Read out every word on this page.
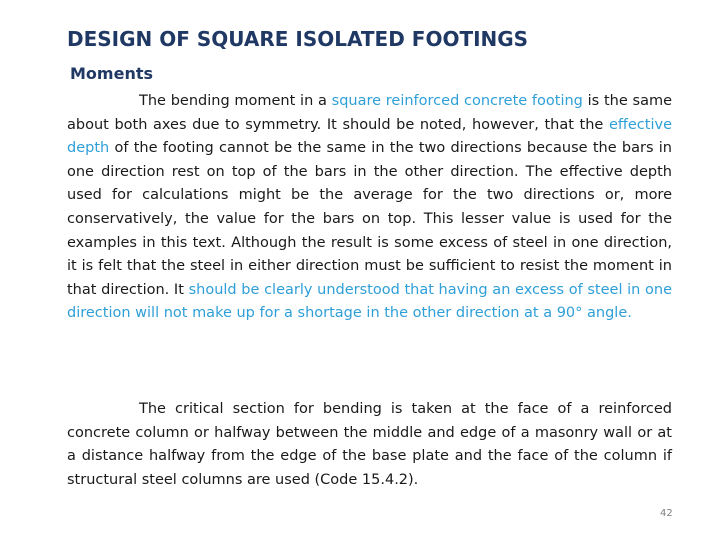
DESIGN OF SQUARE ISOLATED FOOTINGS
Moments

The bending moment in a square reinforced concrete footing is the same about both axes due to symmetry. It should be noted, however, that the effective depth of the footing cannot be the same in the two directions because the bars in one direction rest on top of the bars in the other direction. The effective depth used for calculations might be the average for the two directions or, more conservatively, the value for the bars on top. This lesser value is used for the examples in this text. Although the result is some excess of steel in one direction, it is felt that the steel in either direction must be sufficient to resist the moment in that direction. It should be clearly understood that having an excess of steel in one direction will not make up for a shortage in the other direction at a 90° angle.

The critical section for bending is taken at the face of a reinforced concrete column or halfway between the middle and edge of a masonry wall or at a distance halfway from the edge of the base plate and the face of the column if structural steel columns are used (Code 15.4.2).

42
